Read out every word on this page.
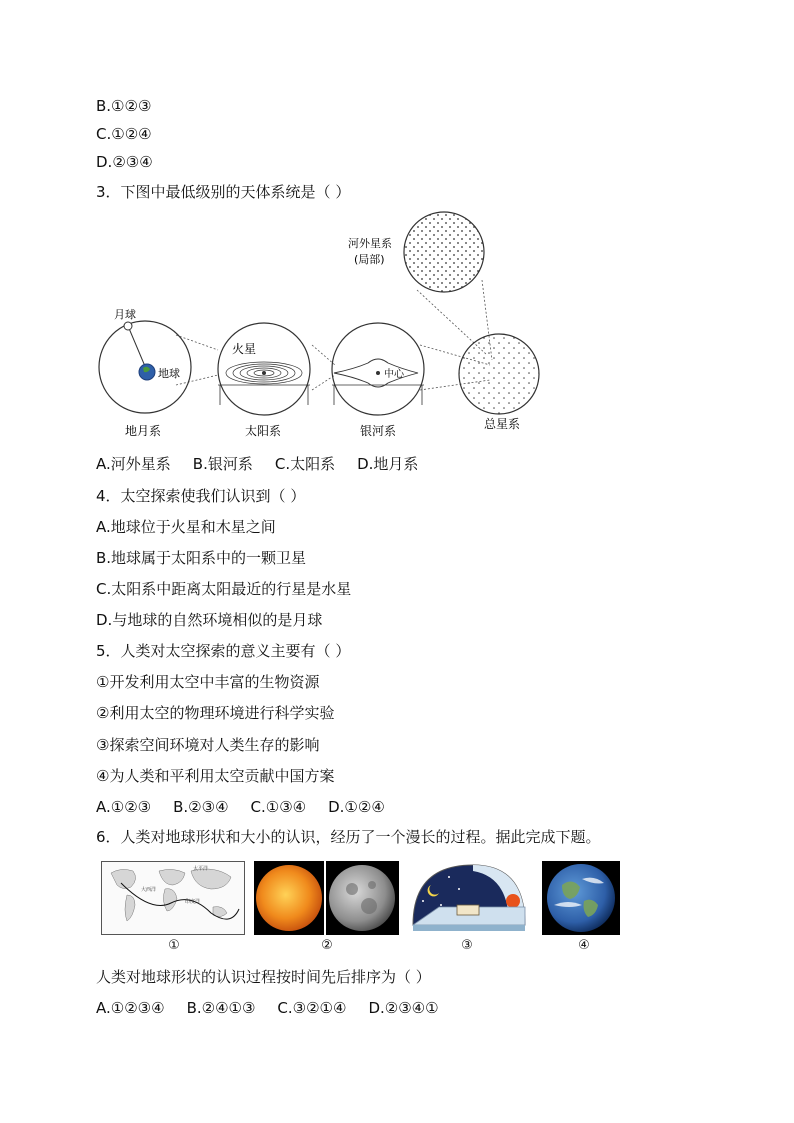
B.①②③
C.①②④
D.②③④
3．下图中最低级别的天体系统是（ ）
河外星系
(局部)
月球
地球
地月系
火星
太阳系
中心
银河系	总星系
A.河外星系 B.银河系 C.太阳系 D.地月系
4．太空探索使我们认识到（ ）
A.地球位于火星和木星之间
B.地球属于太阳系中的一颗卫星
C.太阳系中距离太阳最近的行星是水星
D.与地球的自然环境相似的是月球
5．人类对太空探索的意义主要有（ ）
①开发利用太空中丰富的生物资源
②利用太空的物理环境进行科学实验
③探索空间环境对人类生存的影响
④为人类和平利用太空贡献中国方案
A.①②③ B.②③④ C.①③④ D.①②④
6．人类对地球形状和大小的认识，经历了一个漫长的过程。据此完成下题。
太平洋
大西洋
印度洋
①	②	③	④
人类对地球形状的认识过程按时间先后排序为（ ）
A.①②③④ B.②④①③ C.③②①④ D.②③④①
